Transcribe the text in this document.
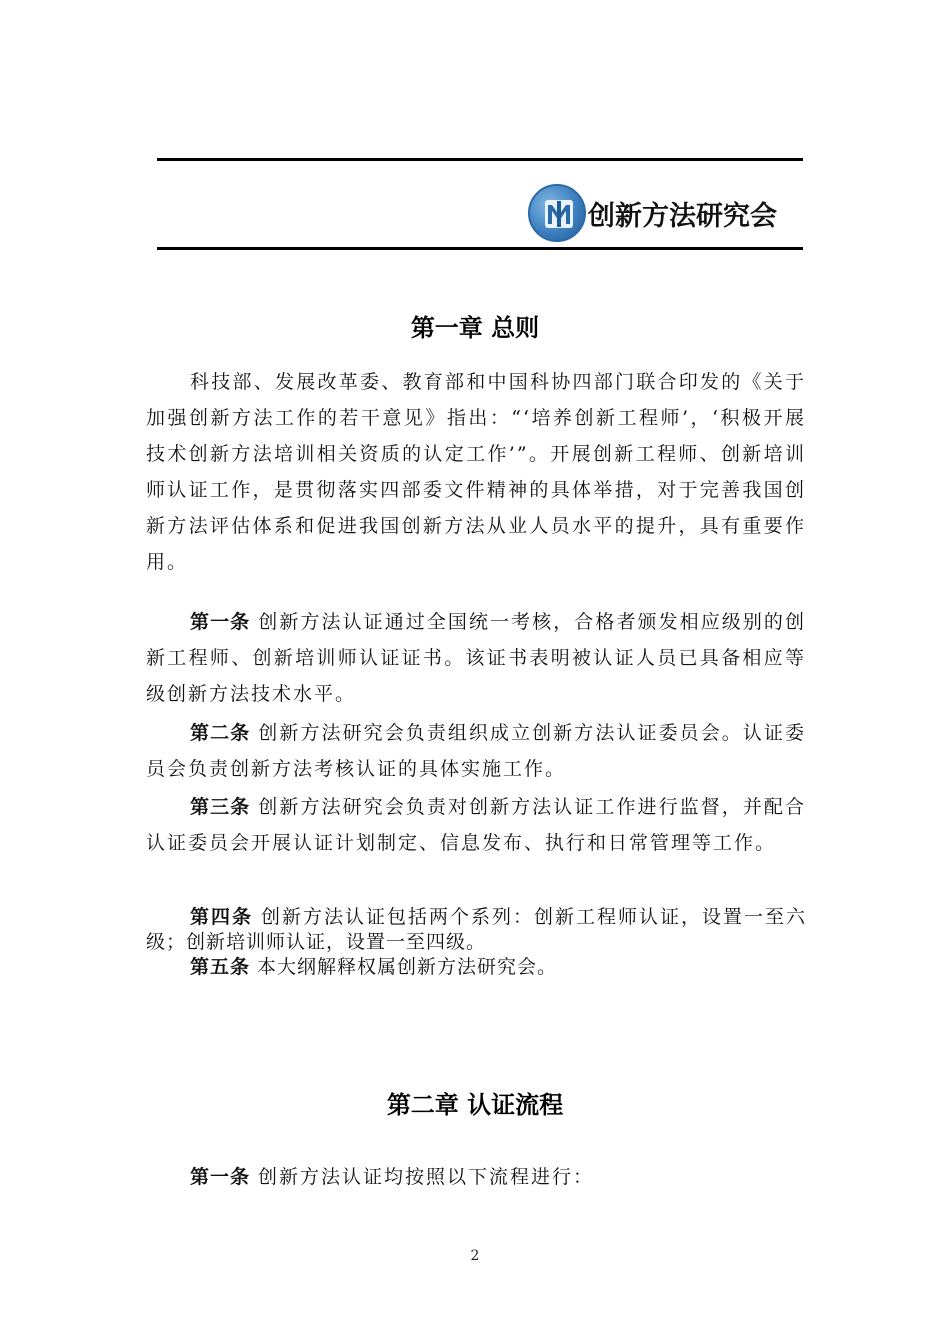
创新方法研究会
第一章 总则

科技部、发展改革委、教育部和中国科协四部门联合印发的《关于加强创新方法工作的若干意见》指出：“‘培养创新工程师’，‘积极开展技术创新方法培训相关资质的认定工作’”。开展创新工程师、创新培训师认证工作，是贯彻落实四部委文件精神的具体举措，对于完善我国创新方法评估体系和促进我国创新方法从业人员水平的提升，具有重要作用。

第一条 创新方法认证通过全国统一考核，合格者颁发相应级别的创新工程师、创新培训师认证证书。该证书表明被认证人员已具备相应等级创新方法技术水平。

第二条 创新方法研究会负责组织成立创新方法认证委员会。认证委员会负责创新方法考核认证的具体实施工作。

第三条 创新方法研究会负责对创新方法认证工作进行监督，并配合认证委员会开展认证计划制定、信息发布、执行和日常管理等工作。

第四条 创新方法认证包括两个系列：创新工程师认证，设置一至六级；创新培训师认证，设置一至四级。

第五条 本大纲解释权属创新方法研究会。

第二章 认证流程

第一条 创新方法认证均按照以下流程进行：

2
